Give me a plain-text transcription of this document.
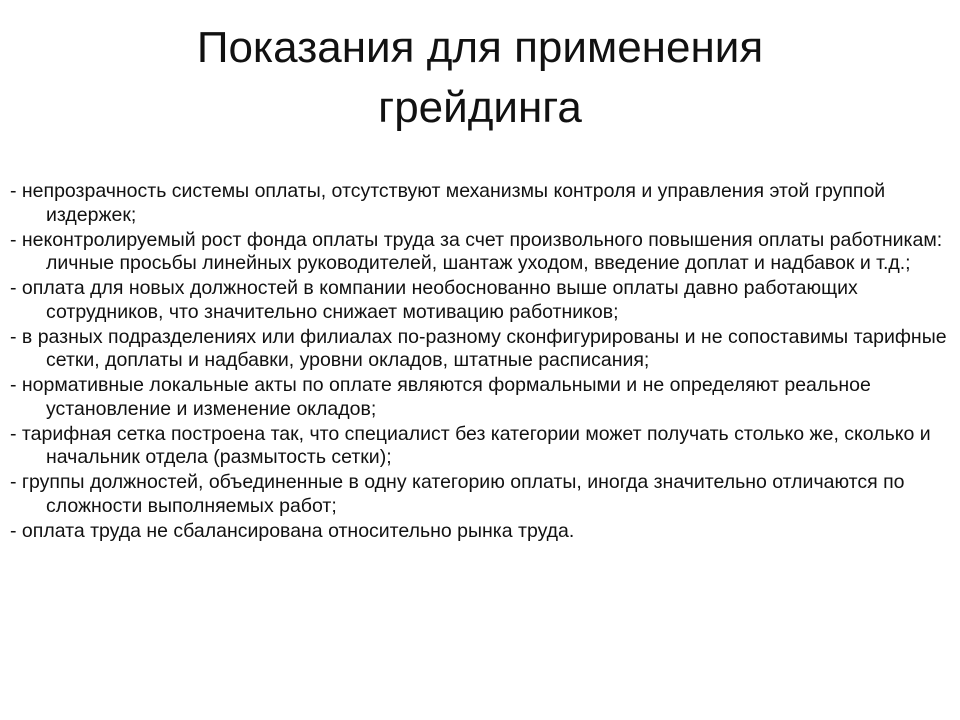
Показания для применения
грейдинга
- непрозрачность системы оплаты, отсутствуют механизмы контроля и управления этой группой издержек;
- неконтролируемый рост фонда оплаты труда за счет произвольного повышения оплаты работникам: личные просьбы линейных руководителей, шантаж уходом, введение доплат и надбавок и т.д.;
- оплата для новых должностей в компании необоснованно выше оплаты давно работающих сотрудников, что значительно снижает мотивацию работников;
- в разных подразделениях или филиалах по-разному сконфигурированы и не сопоставимы тарифные сетки, доплаты и надбавки, уровни окладов, штатные расписания;
- нормативные локальные акты по оплате являются формальными и не определяют реальное установление и изменение окладов;
- тарифная сетка построена так, что специалист без категории может получать столько же, сколько и начальник отдела (размытость сетки);
- группы должностей, объединенные в одну категорию оплаты, иногда значительно отличаются по сложности выполняемых работ;
- оплата труда не сбалансирована относительно рынка труда.
